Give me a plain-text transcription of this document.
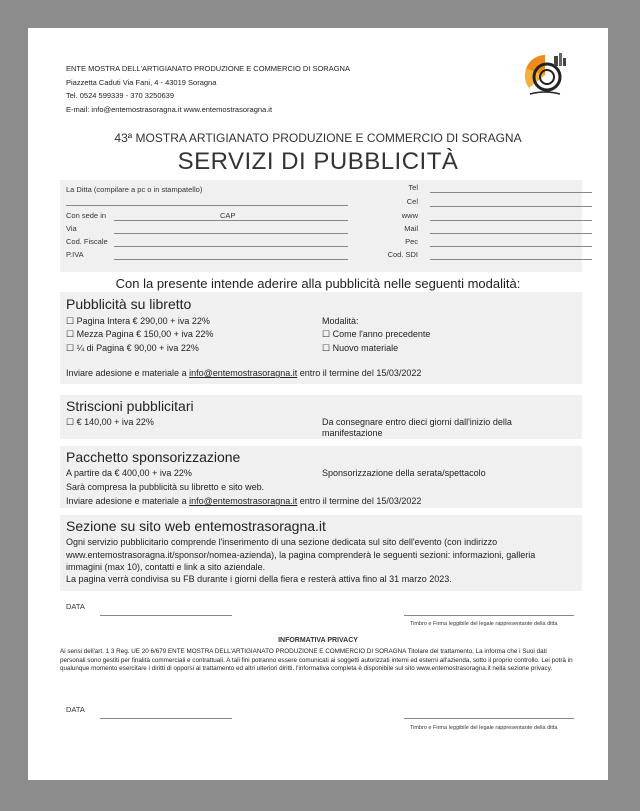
ENTE MOSTRA DELL'ARTIGIANATO PRODUZIONE E COMMERCIO DI SORAGNA
Piazzetta Caduti Via Fani, 4 - 43019 Soragna
Tel. 0524 599339 - 370 3250639
E-mail: info@entemostrasoragna.it www.entemostrasoragna.it
43ª MOSTRA ARTIGIANATO PRODUZIONE E COMMERCIO DI SORAGNA
SERVIZI DI PUBBLICITÀ
La Ditta (compilare a pc o in stampatello)
Con sede in	CAP
Via
Cod. Fiscale
P.IVA
Tel
Cel
www
Mail
Pec
Cod. SDI
Con la presente intende aderire alla pubblicità nelle seguenti modalità:
Pubblicità su libretto
☐ Pagina Intera € 290,00 + iva 22%
☐ Mezza Pagina € 150,00 + iva 22%
☐ ¼ di Pagina € 90,00 + iva 22%
Modalità:
☐ Come l'anno precedente
☐ Nuovo materiale
Inviare adesione e materiale a info@entemostrasoragna.it entro il termine del 15/03/2022
Striscioni pubblicitari
☐ € 140,00 + iva 22%	Da consegnare entro dieci giorni dall'inizio della manifestazione
Pacchetto sponsorizzazione
A partire da € 400,00 + iva 22%	Sponsorizzazione della serata/spettacolo
Sarà compresa la pubblicità su libretto e sito web.
Inviare adesione e materiale a info@entemostrasoragna.it entro il termine del 15/03/2022
Sezione su sito web entemostrasoragna.it
Ogni servizio pubblicitario comprende l'inserimento di una sezione dedicata sul sito dell'evento (con indirizzo www.entemostrasoragna.it/sponsor/nomea-azienda), la pagina comprenderà le seguenti sezioni: informazioni, galleria immagini (max 10), contatti e link a sito aziendale.
La pagina verrà condivisa su FB durante i giorni della fiera e resterà attiva fino al 31 marzo 2023.
DATA
Timbro e Firma leggibile del legale rappresentante della ditta
INFORMATIVA PRIVACY
Ai sensi dell'art. 1 3 Reg. UE 20 6/679 ENTE MOSTRA DELL'ARTIGIANATO PRODUZIONE E COMMERCIO DI SORAGNA Titolare del trattamento, La informa che i Suoi dati personali sono gestiti per finalità commerciali e contrattuali. A tali fini potranno essere comunicati ai soggetti autorizzati interni ed esterni all'azienda, sotto il proprio controllo. Lei potrà in qualunque momento esercitare i diritti di opporsi al trattamento ed altri ulteriori diritti. l'informativa completa è disponibile sul sito www.entemostrasoragna.it nella sezione privacy.
DATA
Timbro e Firma leggibile del legale rappresentante della ditta
